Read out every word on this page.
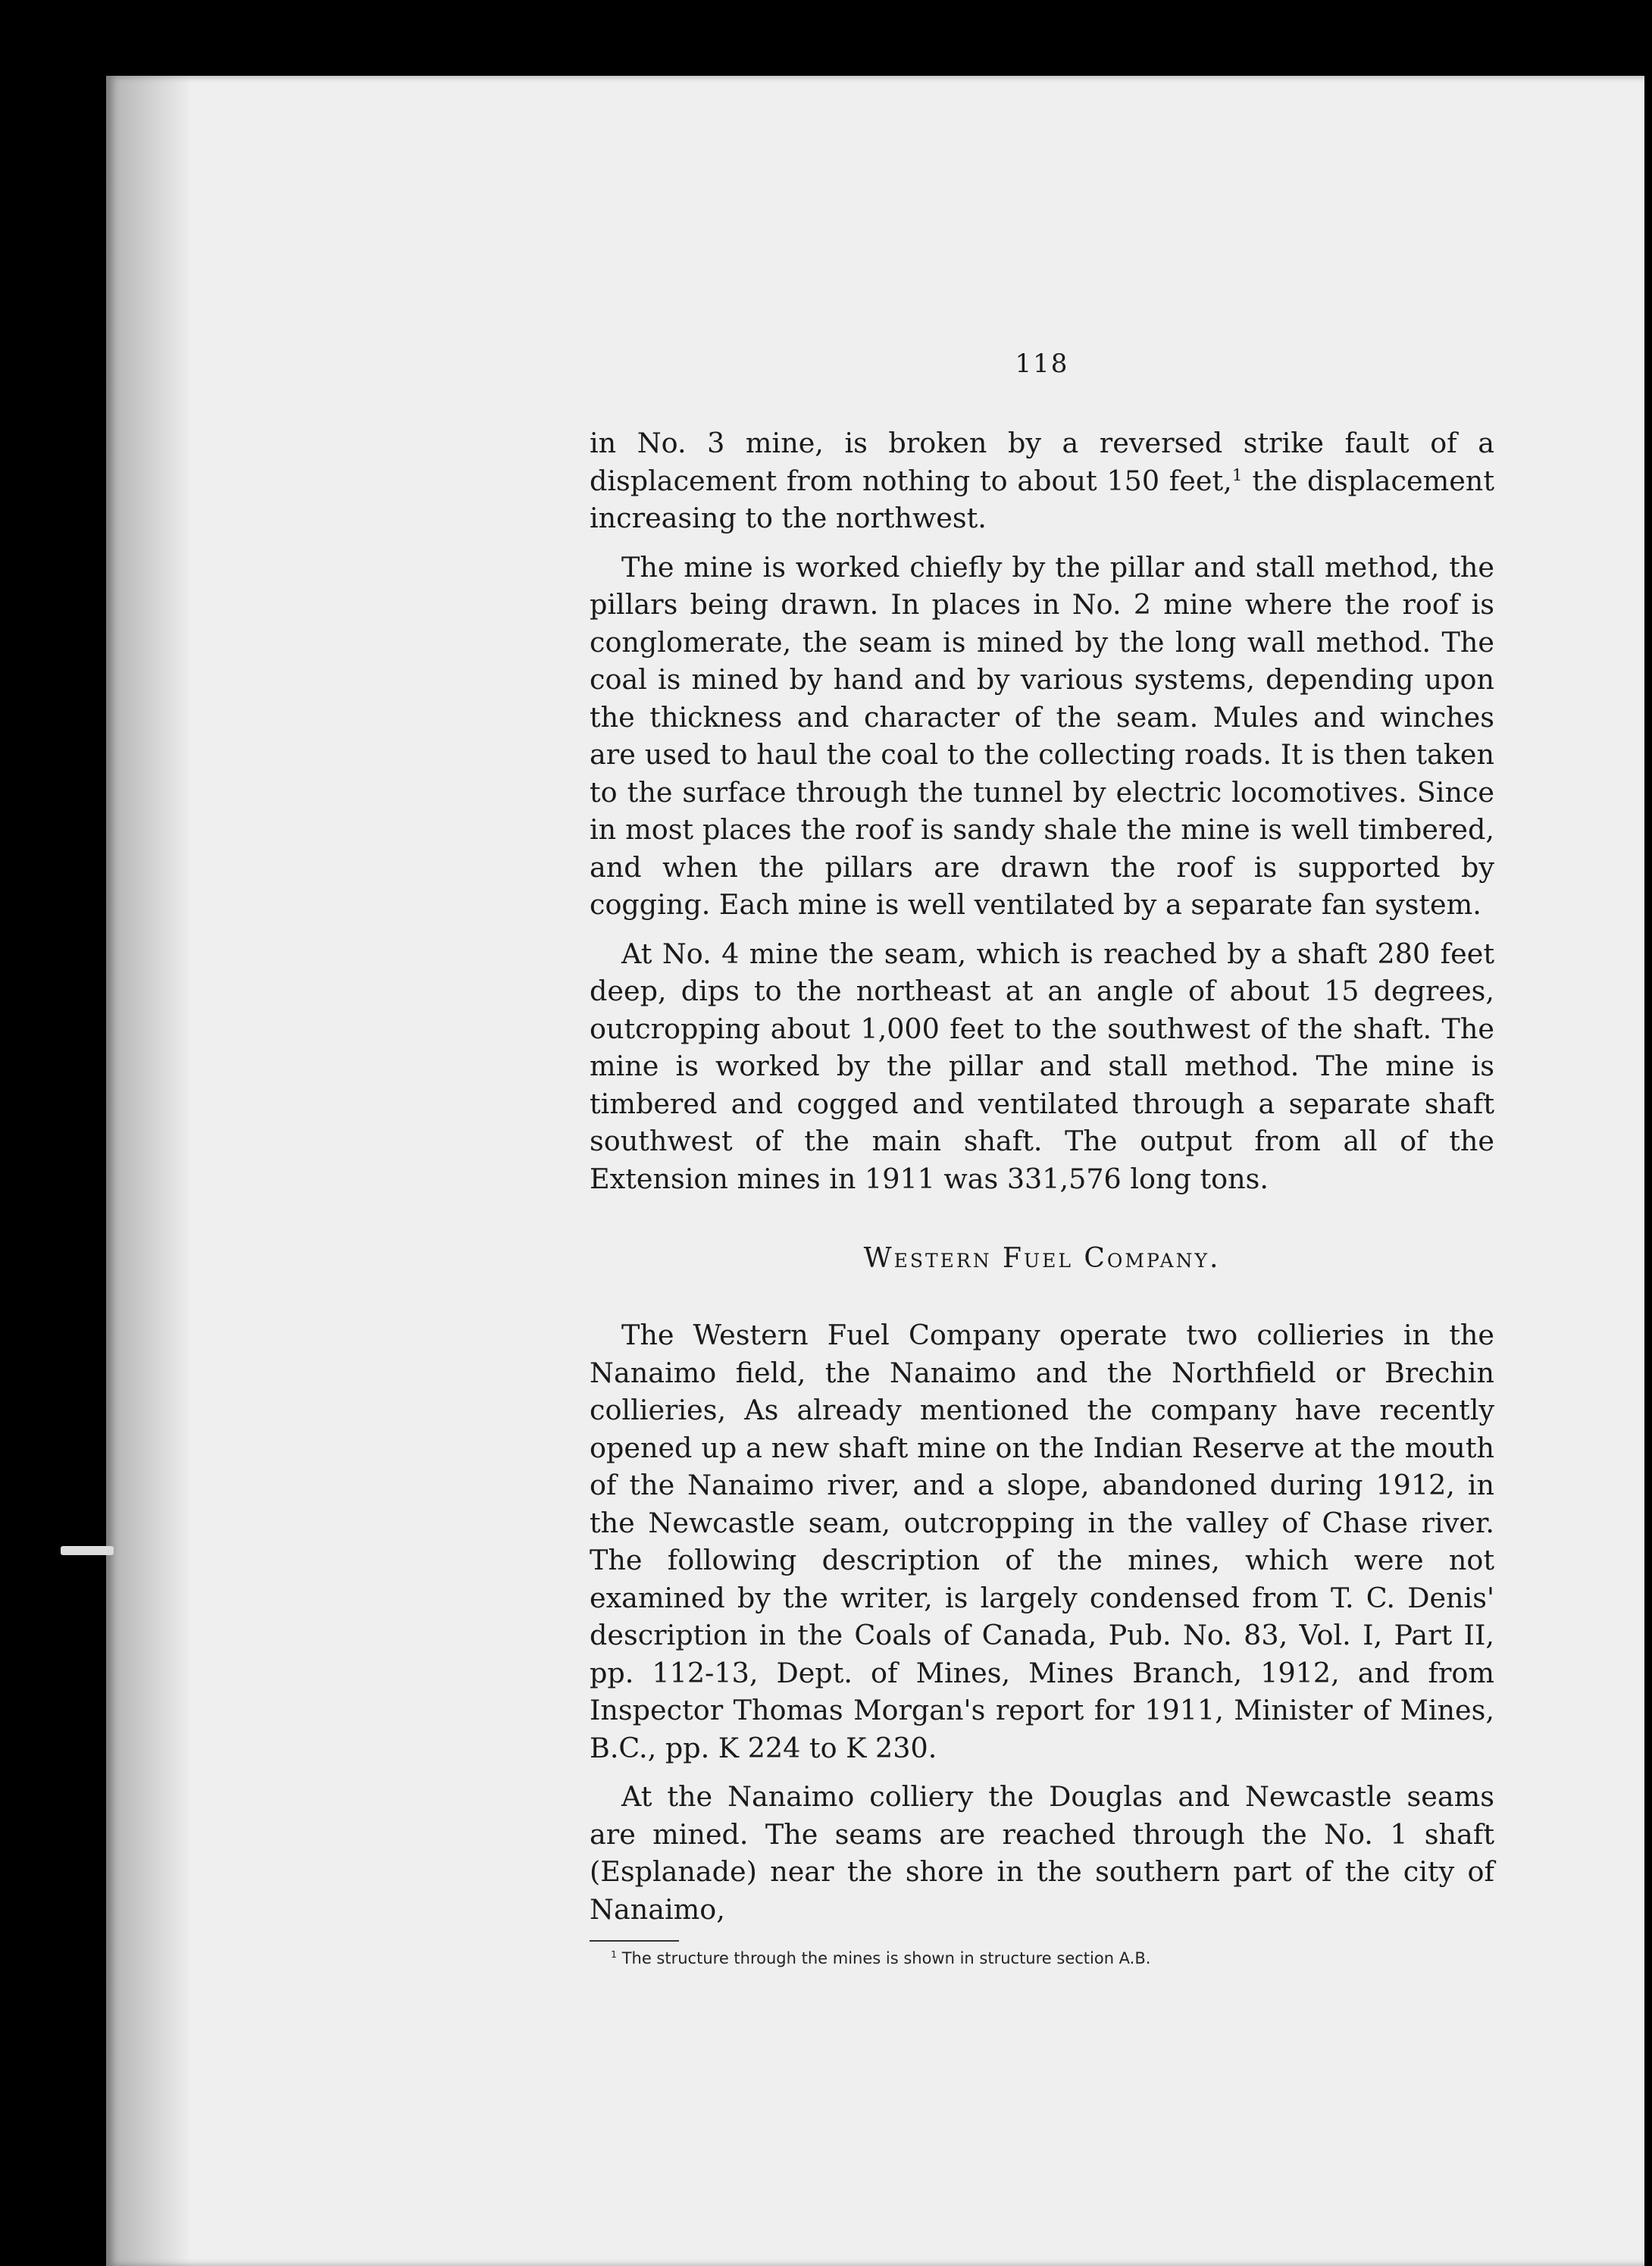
118

in No. 3 mine, is broken by a reversed strike fault of a displacement from nothing to about 150 feet,$^1$ the displacement increasing to the northwest.

The mine is worked chiefly by the pillar and stall method, the pillars being drawn. In places in No. 2 mine where the roof is conglomerate, the seam is mined by the long wall method. The coal is mined by hand and by various systems, depending upon the thickness and character of the seam. Mules and winches are used to haul the coal to the collecting roads. It is then taken to the surface through the tunnel by electric locomotives. Since in most places the roof is sandy shale the mine is well timbered, and when the pillars are drawn the roof is supported by cogging. Each mine is well ventilated by a separate fan system.

At No. 4 mine the seam, which is reached by a shaft 280 feet deep, dips to the northeast at an angle of about 15 degrees, outcropping about 1,000 feet to the southwest of the shaft. The mine is worked by the pillar and stall method. The mine is timbered and cogged and ventilated through a separate shaft southwest of the main shaft. The output from all of the Extension mines in 1911 was 331,576 long tons.

Western Fuel Company.

The Western Fuel Company operate two collieries in the Nanaimo field, the Nanaimo and the Northfield or Brechin collieries, As already mentioned the company have recently opened up a new shaft mine on the Indian Reserve at the mouth of the Nanaimo river, and a slope, abandoned during 1912, in the Newcastle seam, outcropping in the valley of Chase river. The following description of the mines, which were not examined by the writer, is largely condensed from T. C. Denis' description in the Coals of Canada, Pub. No. 83, Vol. I, Part II, pp. 112-13, Dept. of Mines, Mines Branch, 1912, and from Inspector Thomas Morgan's report for 1911, Minister of Mines, B.C., pp. K 224 to K 230.

At the Nanaimo colliery the Douglas and Newcastle seams are mined. The seams are reached through the No. 1 shaft (Esplanade) near the shore in the southern part of the city of Nanaimo,

$^1$ The structure through the mines is shown in structure section A.B.
